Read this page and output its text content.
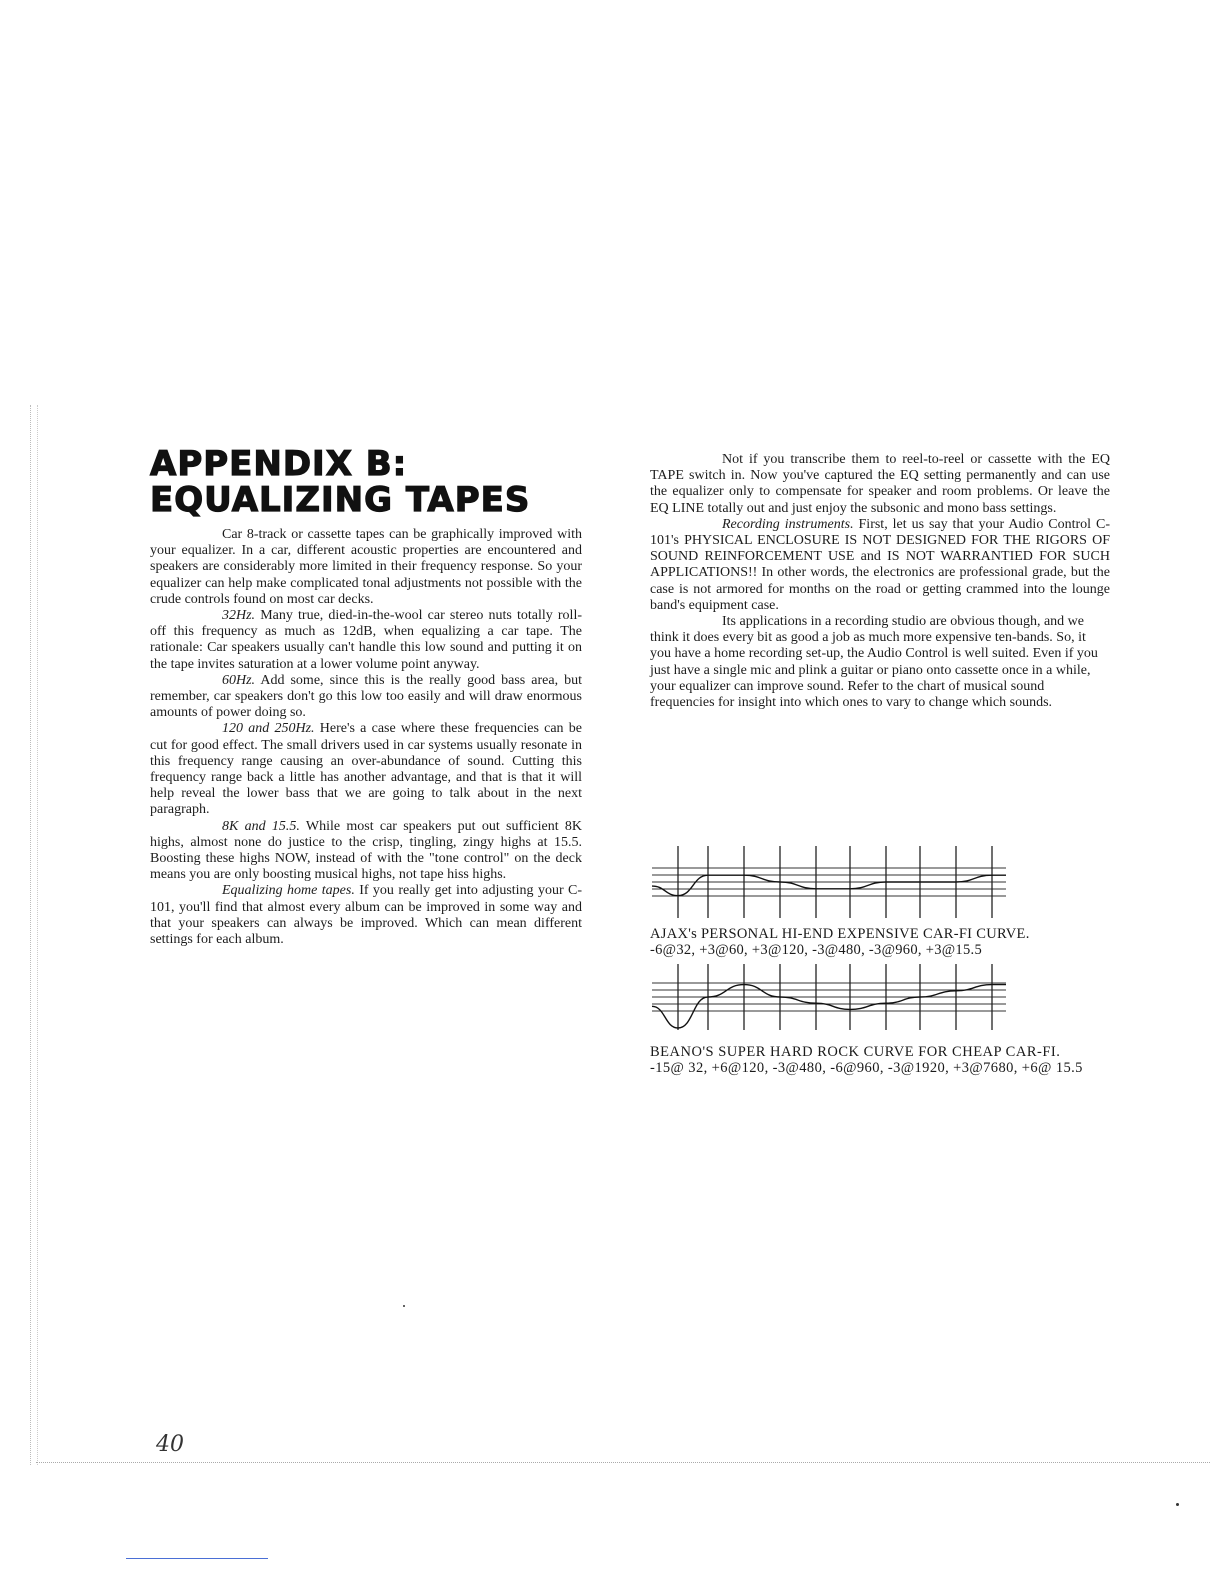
APPENDIX B:
EQUALIZING TAPES

Car 8-track or cassette tapes can be graphically improved with your equalizer. In a car, different acoustic properties are encountered and speakers are considerably more limited in their frequency response. So your equalizer can help make complicated tonal adjustments not possible with the crude controls found on most car decks.

32Hz. Many true, died-in-the-wool car stereo nuts totally roll-off this frequency as much as 12dB, when equalizing a car tape. The rationale: Car speakers usually can't handle this low sound and putting it on the tape invites saturation at a lower volume point anyway.

60Hz. Add some, since this is the really good bass area, but remember, car speakers don't go this low too easily and will draw enormous amounts of power doing so.

120 and 250Hz. Here's a case where these frequencies can be cut for good effect. The small drivers used in car systems usually resonate in this frequency range causing an over-abundance of sound. Cutting this frequency range back a little has another advantage, and that is that it will help reveal the lower bass that we are going to talk about in the next paragraph.

8K and 15.5. While most car speakers put out sufficient 8K highs, almost none do justice to the crisp, tingling, zingy highs at 15.5. Boosting these highs NOW, instead of with the "tone control" on the deck means you are only boosting musical highs, not tape hiss highs.

Equalizing home tapes. If you really get into adjusting your C-101, you'll find that almost every album can be improved in some way and that your speakers can always be improved. Which can mean different settings for each album.

Not if you transcribe them to reel-to-reel or cassette with the EQ TAPE switch in. Now you've captured the EQ setting permanently and can use the equalizer only to compensate for speaker and room problems. Or leave the EQ LINE totally out and just enjoy the subsonic and mono bass settings.

Recording instruments. First, let us say that your Audio Control C-101's PHYSICAL ENCLOSURE IS NOT DESIGNED FOR THE RIGORS OF SOUND REINFORCEMENT USE and IS NOT WARRANTIED FOR SUCH APPLICATIONS!! In other words, the electronics are professional grade, but the case is not armored for months on the road or getting crammed into the lounge band's equipment case.

Its applications in a recording studio are obvious though, and we think it does every bit as good a job as much more expensive ten-bands. So, it you have a home recording set-up, the Audio Control is well suited. Even if you just have a single mic and plink a guitar or piano onto cassette once in a while, your equalizer can improve sound. Refer to the chart of musical sound frequencies for insight into which ones to vary to change which sounds.

AJAX's PERSONAL HI-END EXPENSIVE CAR-FI CURVE.
-6@32, +3@60, +3@120, -3@480, -3@960, +3@15.5
BEANO'S SUPER HARD ROCK CURVE FOR CHEAP CAR-FI.
-15@ 32, +6@120, -3@480, -6@960, -3@1920, +3@7680, +6@ 15.5
40
